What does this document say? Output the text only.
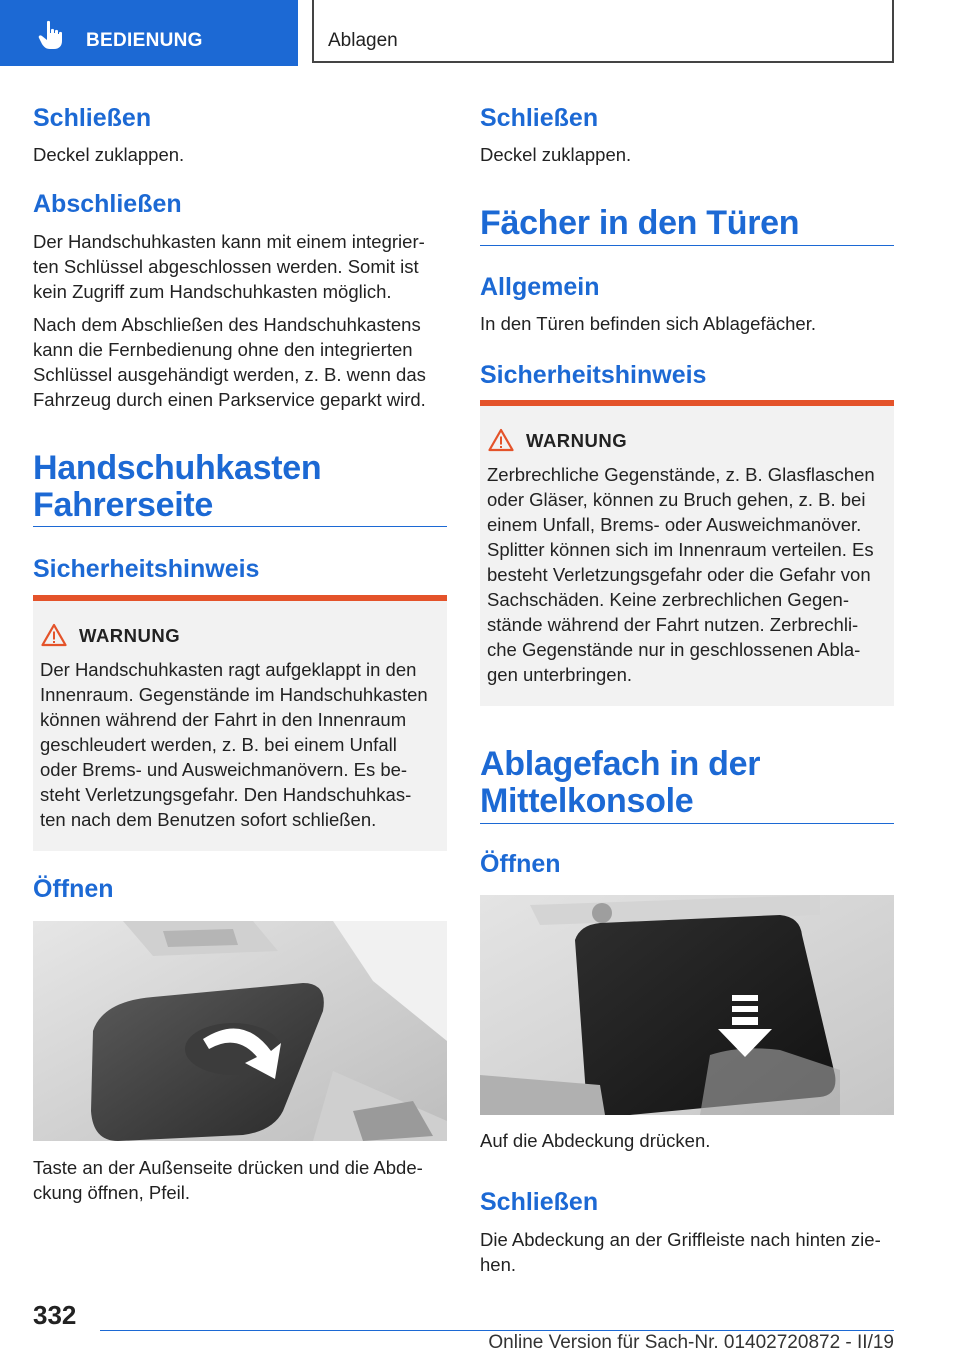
BEDIENUNG	Ablagen
Schließen
Deckel zuklappen.
Abschließen
Der Handschuhkasten kann mit einem integrier-
ten Schlüssel abgeschlossen werden. Somit ist
kein Zugriff zum Handschuhkasten möglich.
Nach dem Abschließen des Handschuhkastens
kann die Fernbedienung ohne den integrierten
Schlüssel ausgehändigt werden, z. B. wenn das
Fahrzeug durch einen Parkservice geparkt wird.
Handschuhkasten
Fahrerseite
Sicherheitshinweis
WARNUNG
Der Handschuhkasten ragt aufgeklappt in den
Innenraum. Gegenstände im Handschuhkasten
können während der Fahrt in den Innenraum
geschleudert werden, z. B. bei einem Unfall
oder Brems- und Ausweichmanövern. Es be-
steht Verletzungsgefahr. Den Handschuhkas-
ten nach dem Benutzen sofort schließen.
Öffnen
Taste an der Außenseite drücken und die Abde-
ckung öffnen, Pfeil.
Schließen
Deckel zuklappen.
Fächer in den Türen
Allgemein
In den Türen befinden sich Ablagefächer.
Sicherheitshinweis
WARNUNG
Zerbrechliche Gegenstände, z. B. Glasflaschen
oder Gläser, können zu Bruch gehen, z. B. bei
einem Unfall, Brems- oder Ausweichmanöver.
Splitter können sich im Innenraum verteilen. Es
besteht Verletzungsgefahr oder die Gefahr von
Sachschäden. Keine zerbrechlichen Gegen-
stände während der Fahrt nutzen. Zerbrechli-
che Gegenstände nur in geschlossenen Abla-
gen unterbringen.
Ablagefach in der
Mittelkonsole
Öffnen
Auf die Abdeckung drücken.
Schließen
Die Abdeckung an der Griffleiste nach hinten zie-
hen.
332
Online Version für Sach-Nr. 01402720872 - II/19
